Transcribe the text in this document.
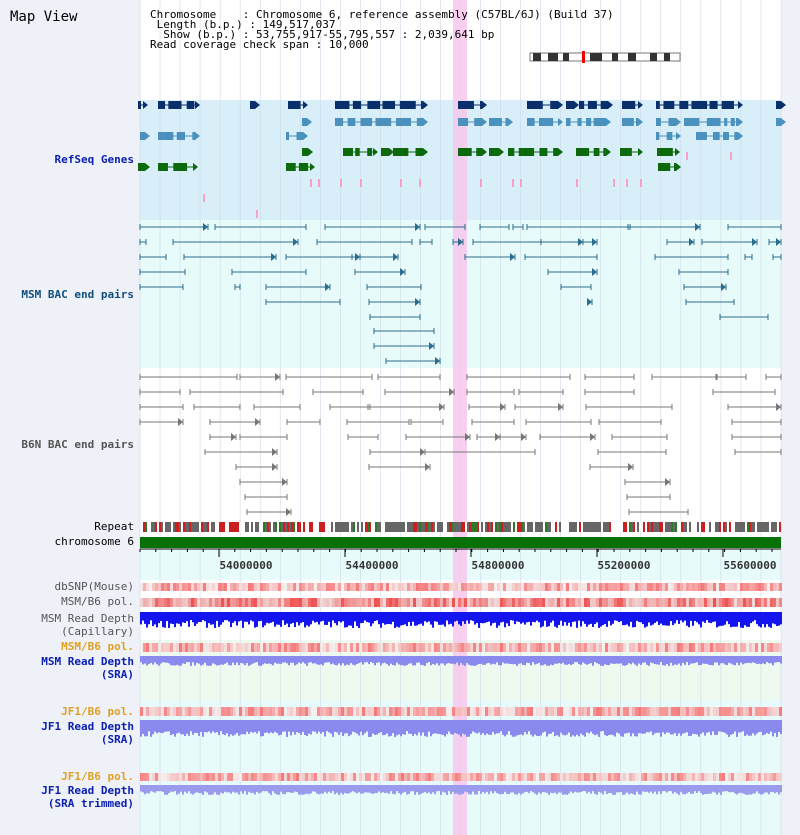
54000000	54400000	54800000	55200000	55600000
Map View	Chromosome    : Chromosome 6, reference assembly (C57BL/6J) (Build 37)
Length (b.p.) : 149,517,037
Show (b.p.) : 53,755,917-55,795,557 : 2,039,641 bp
Read coverage check span : 10,000
RefSeq Genes
MSM BAC end pairs
B6N BAC end pairs
Repeat
chromosome 6
dbSNP(Mouse)
MSM/B6 pol.
MSM Read Depth
(Capillary)
MSM/B6 pol.
MSM Read Depth
(SRA)
JF1/B6 pol.
JF1 Read Depth
(SRA)
JF1/B6 pol.
JF1 Read Depth
(SRA trimmed)
